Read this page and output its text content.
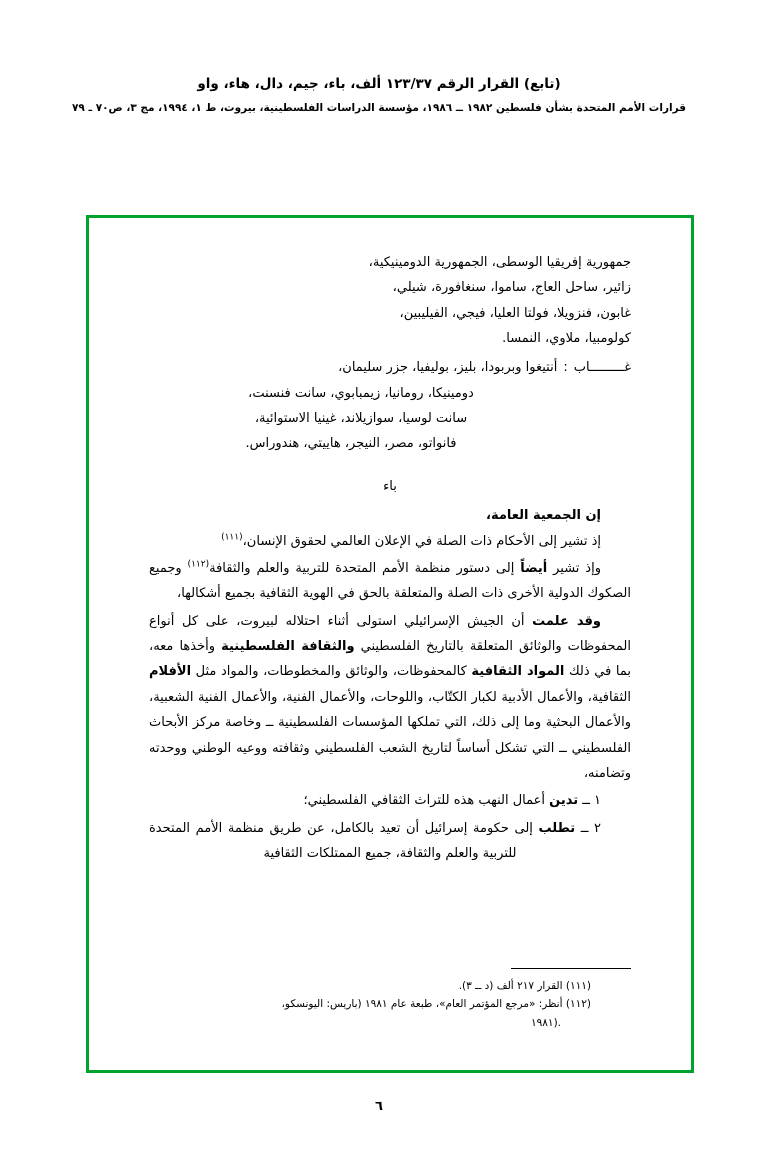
(تابع) القرار الرقم ١٢٣/٣٧ ألف، باء، جيم، دال، هاء، واو
قرارات الأمم المتحدة بشأن فلسطين ١٩٨٢ ــ ١٩٨٦، مؤسسة الدراسات الفلسطينية، بيروت، ط ١، ١٩٩٤، مج ٣، ص٧٠ ـ ٧٩
جمهورية إفريقيا الوسطى، الجمهورية الدومينيكية،
زائير، ساحل العاج، ساموا، سنغافورة، شيلي،
غابون، فنزويلا، فولتا العليا، فيجي، الفيليبين،
كولومبيا، ملاوي، النمسا.
غـــــــــاب
:
أنتيغوا وبربودا، بليز، بوليفيا، جزر سليمان،
دومينيكا، رومانيا، زيمبابوي، سانت فنسنت،
سانت لوسيا، سوازيلاند، غينيا الاستوائية،
فانواتو، مصر، النيجر، هاييتي، هندوراس.
باء
إن الجمعية العامة،

إذ تشير إلى الأحكام ذات الصلة في الإعلان العالمي لحقوق الإنسان،$^{(١١١)}$

وإذ تشير أيضاً إلى دستور منظمة الأمم المتحدة للتربية والعلم والثقافة$^{(١١٢)}$ وجميع الصكوك الدولية الأخرى ذات الصلة والمتعلقة بالحق في الهوية الثقافية بجميع أشكالها،

وقد علمت أن الجيش الإسرائيلي استولى أثناء احتلاله لبيروت، على كل أنواع المحفوظات والوثائق المتعلقة بالتاريخ الفلسطيني والثقافة الفلسطينية وأخذها معه، بما في ذلك المواد الثقافية كالمحفوظات، والوثائق والمخطوطات، والمواد مثل الأفلام الثقافية، والأعمال الأدبية لكبار الكتّاب، واللوحات، والأعمال الفنية، والأعمال الفنية الشعبية، والأعمال البحثية وما إلى ذلك، التي تملكها المؤسسات الفلسطينية ــ وخاصة مركز الأبحاث الفلسطيني ــ التي تشكل أساساً لتاريخ الشعب الفلسطيني وثقافته ووعيه الوطني ووحدته وتضامنه،

١ ــ تدين أعمال النهب هذه للتراث الثقافي الفلسطيني؛

٢ ــ تطلب إلى حكومة إسرائيل أن تعيد بالكامل، عن طريق منظمة الأمم المتحدة للتربية والعلم والثقافة، جميع الممتلكات الثقافية

(١١١) القرار ٢١٧ ألف (د ــ ٣).
(١١٢) أنظر: «مرجع المؤتمر العام»، طبعة عام ١٩٨١ (باريس: اليونسكو،
.(١٩٨١
٦
